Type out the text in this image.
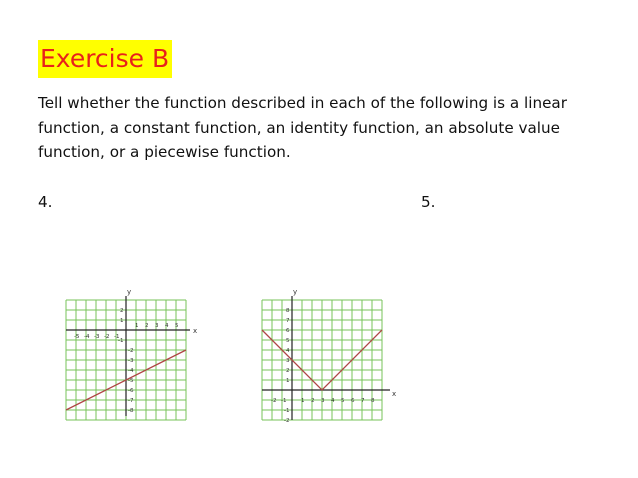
Exercise B

Tell whether the function described in each of the following is a linear function, a constant function, an identity function, an absolute value function, or a piecewise function.

4.	5.
x
y
-5 -4 -3 -2 -1
1 2 3 4 5
2
1
-1
-2
-3
-4
-5
-6
-7
-8
x
y
-2 -1	1 2 3 4 5 6 7 8
8
7
6
5
4
3
2
1
-1
-2
